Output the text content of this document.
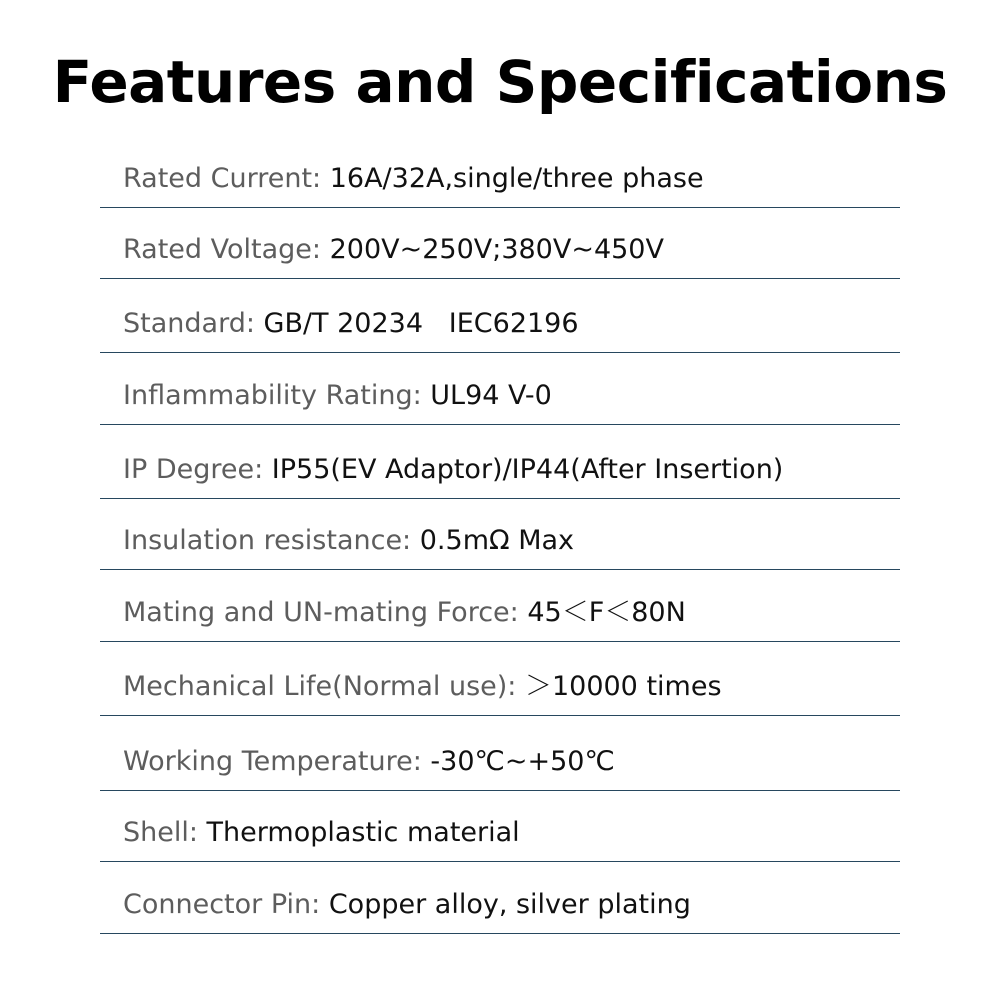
Features and Specifications
Rated Current: 16A/32A,single/three phase
Rated Voltage: 200V~250V;380V~450V
Standard: GB/T 20234   IEC62196
Inflammability Rating: UL94 V-0
IP Degree: IP55(EV Adaptor)/IP44(After Insertion)
Insulation resistance: 0.5mΩ Max
Mating and UN-mating Force: 45＜F＜80N
Mechanical Life(Normal use): ＞10000 times
Working Temperature: -30℃~+50℃
Shell: Thermoplastic material
Connector Pin: Copper alloy, silver plating
